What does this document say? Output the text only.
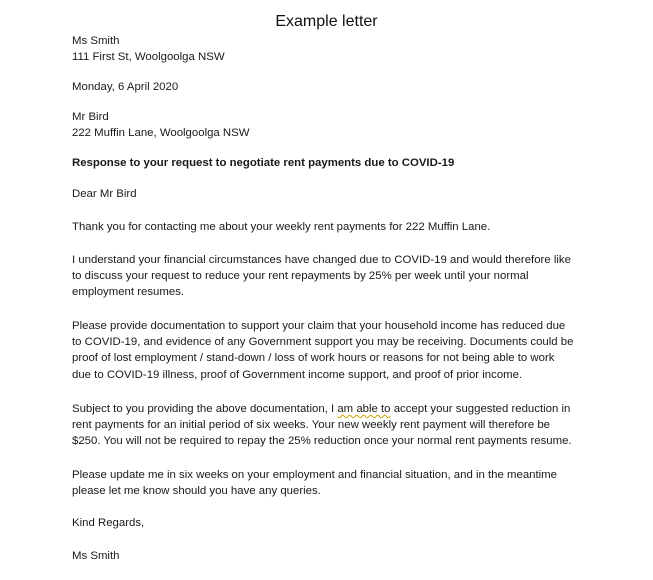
Example letter
Ms Smith
111 First St, Woolgoolga NSW
Monday, 6 April 2020
Mr Bird
222 Muffin Lane, Woolgoolga NSW
Response to your request to negotiate rent payments due to COVID-19
Dear Mr Bird
Thank you for contacting me about your weekly rent payments for 222 Muffin Lane.
I understand your financial circumstances have changed due to COVID-19 and would therefore like
to discuss your request to reduce your rent repayments by 25% per week until your normal
employment resumes.
Please provide documentation to support your claim that your household income has reduced due
to COVID-19, and evidence of any Government support you may be receiving. Documents could be
proof of lost employment / stand-down / loss of work hours or reasons for not being able to work
due to COVID-19 illness, proof of Government income support, and proof of prior income.
Subject to you providing the above documentation, I am able to accept your suggested reduction in
rent payments for an initial period of six weeks. Your new weekly rent payment will therefore be
$250. You will not be required to repay the 25% reduction once your normal rent payments resume.
Please update me in six weeks on your employment and financial situation, and in the meantime
please let me know should you have any queries.
Kind Regards,
Ms Smith
